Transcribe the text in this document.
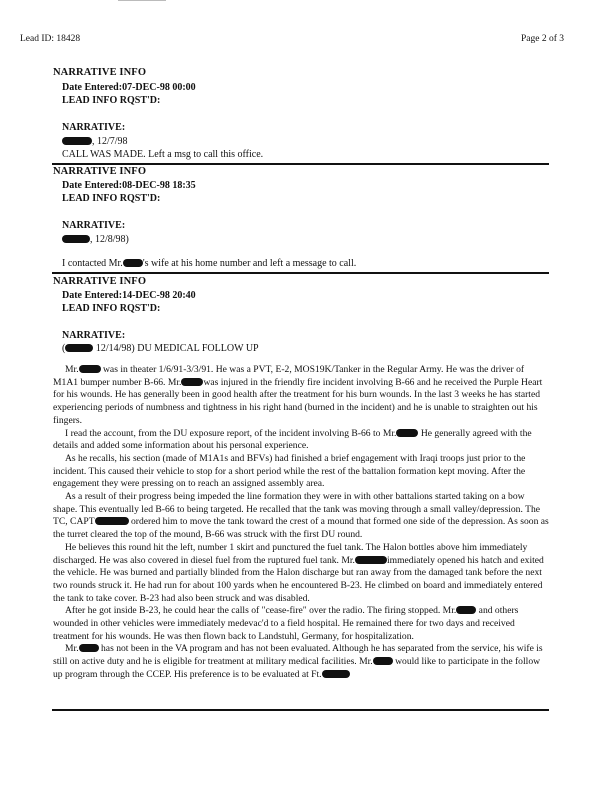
Lead ID: 18428	Page 2 of 3
NARRATIVE INFO
Date Entered:07-DEC-98 00:00
LEAD INFO RQST'D:
NARRATIVE:
, 12/7/98
CALL WAS MADE. Left a msg to call this office.
NARRATIVE INFO
Date Entered:08-DEC-98 18:35
LEAD INFO RQST'D:
NARRATIVE:
, 12/8/98)
I contacted Mr. 's wife at his home number and left a message to call.
NARRATIVE INFO
Date Entered:14-DEC-98 20:40
LEAD INFO RQST'D:
NARRATIVE:
(	12/14/98) DU MEDICAL FOLLOW UP

Mr. was in theater 1/6/91-3/3/91. He was a PVT, E-2, MOS19K/Tanker in the Regular Army. He was the driver of M1A1 bumper number B-66. Mr. was injured in the friendly fire incident involving B-66 and he received the Purple Heart for his wounds. He has generally been in good health after the treatment for his burn wounds. In the last 3 weeks he has started experiencing periods of numbness and tightness in his right hand (burned in the incident) and he is unable to straighten out his fingers.

I read the account, from the DU exposure report, of the incident involving B-66 to Mr. He generally agreed with the details and added some information about his personal experience.

As he recalls, his section (made of M1A1s and BFVs) had finished a brief engagement with Iraqi troops just prior to the incident. This caused their vehicle to stop for a short period while the rest of the battalion formation kept moving. After the engagement they were pressing on to reach an assigned assembly area.

As a result of their progress being impeded the line formation they were in with other battalions started taking on a bow shape. This eventually led B-66 to being targeted. He recalled that the tank was moving through a small valley/depression. The TC, CAPT	ordered him to move the tank toward the crest of a mound that formed one side of the depression. As soon as the turret cleared the top of the mound, B-66 was struck with the first DU round.

He believes this round hit the left, number 1 skirt and punctured the fuel tank. The Halon bottles above him immediately discharged. He was also covered in diesel fuel from the ruptured fuel tank. Mr.	immediately opened his hatch and exited the vehicle. He was burned and partially blinded from the Halon discharge but ran away from the damaged tank before the next two rounds struck it. He had run for about 100 yards when he encountered B-23. He climbed on board and immediately entered the tank to take cover. B-23 had also been struck and was disabled.

After he got inside B-23, he could hear the calls of "cease-fire" over the radio. The firing stopped. Mr. and others wounded in other vehicles were immediately medevac'd to a field hospital. He remained there for two days and received treatment for his wounds. He was then flown back to Landstuhl, Germany, for hospitalization.

Mr. has not been in the VA program and has not been evaluated. Although he has separated from the service, his wife is still on active duty and he is eligible for treatment at military medical facilities. Mr. would like to participate in the follow up program through the CCEP. His preference is to be evaluated at Ft.
